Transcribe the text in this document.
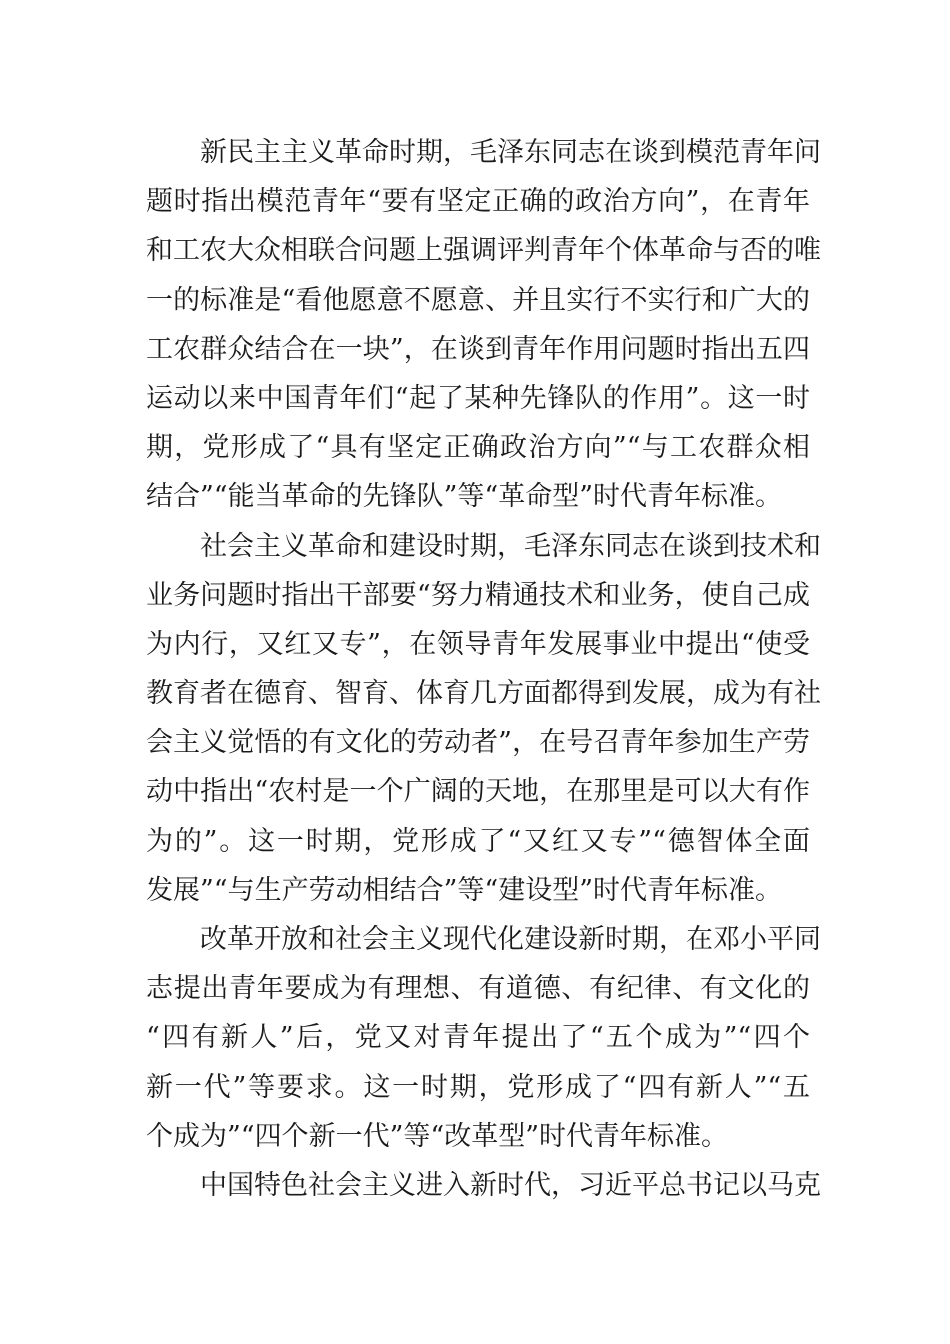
新民主主义革命时期，毛泽东同志在谈到模范青年问
题时指出模范青年“要有坚定正确的政治方向”，在青年
和工农大众相联合问题上强调评判青年个体革命与否的唯
一的标准是“看他愿意不愿意、并且实行不实行和广大的
工农群众结合在一块”，在谈到青年作用问题时指出五四
运动以来中国青年们“起了某种先锋队的作用”。这一时
期，党形成了“具有坚定正确政治方向”“与工农群众相
结合”“能当革命的先锋队”等“革命型”时代青年标准。
社会主义革命和建设时期，毛泽东同志在谈到技术和
业务问题时指出干部要“努力精通技术和业务，使自己成
为内行，又红又专”，在领导青年发展事业中提出“使受
教育者在德育、智育、体育几方面都得到发展，成为有社
会主义觉悟的有文化的劳动者”，在号召青年参加生产劳
动中指出“农村是一个广阔的天地，在那里是可以大有作
为的”。这一时期，党形成了“又红又专”“德智体全面
发展”“与生产劳动相结合”等“建设型”时代青年标准。
改革开放和社会主义现代化建设新时期，在邓小平同
志提出青年要成为有理想、有道德、有纪律、有文化的
“四有新人”后，党又对青年提出了“五个成为”“四个
新一代”等要求。这一时期，党形成了“四有新人”“五
个成为”“四个新一代”等“改革型”时代青年标准。
中国特色社会主义进入新时代，习近平总书记以马克
